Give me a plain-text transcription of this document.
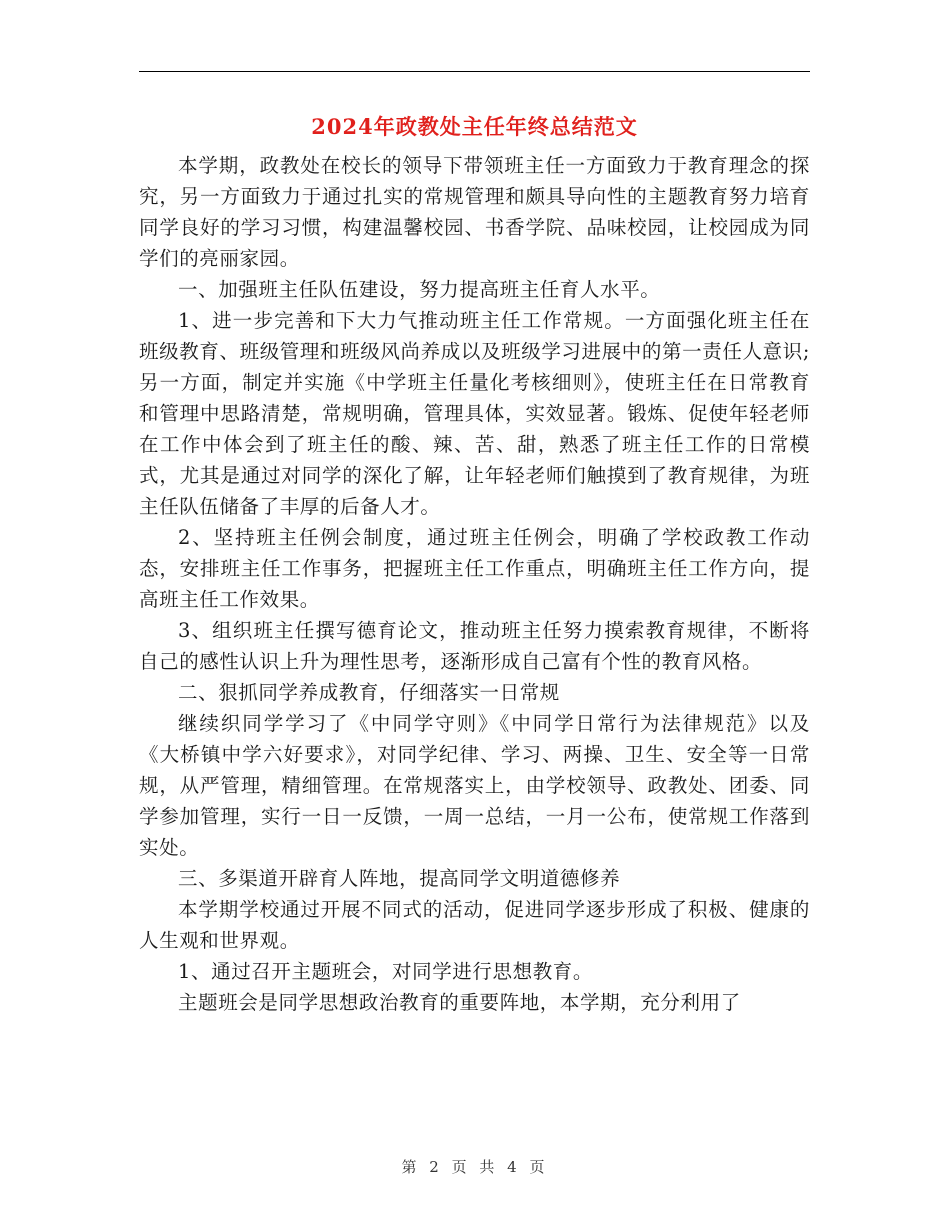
2024年政教处主任年终总结范文

本学期，政教处在校长的领导下带领班主任一方面致力于教育理念的探究，另一方面致力于通过扎实的常规管理和颇具导向性的主题教育努力培育同学良好的学习习惯，构建温馨校园、书香学院、品味校园，让校园成为同学们的亮丽家园。

一、加强班主任队伍建设，努力提高班主任育人水平。

1、进一步完善和下大力气推动班主任工作常规。一方面强化班主任在班级教育、班级管理和班级风尚养成以及班级学习进展中的第一责任人意识;另一方面，制定并实施《中学班主任量化考核细则》，使班主任在日常教育和管理中思路清楚，常规明确，管理具体，实效显著。锻炼、促使年轻老师在工作中体会到了班主任的酸、辣、苦、甜，熟悉了班主任工作的日常模式，尤其是通过对同学的深化了解，让年轻老师们触摸到了教育规律，为班主任队伍储备了丰厚的后备人才。

2、坚持班主任例会制度，通过班主任例会，明确了学校政教工作动态，安排班主任工作事务，把握班主任工作重点，明确班主任工作方向，提高班主任工作效果。

3、组织班主任撰写德育论文，推动班主任努力摸索教育规律，不断将自己的感性认识上升为理性思考，逐渐形成自己富有个性的教育风格。

二、狠抓同学养成教育，仔细落实一日常规

继续织同学学习了《中同学守则》《中同学日常行为法律规范》以及《大桥镇中学六好要求》，对同学纪律、学习、两操、卫生、安全等一日常规，从严管理，精细管理。在常规落实上，由学校领导、政教处、团委、同学参加管理，实行一日一反馈，一周一总结，一月一公布，使常规工作落到实处。

三、多渠道开辟育人阵地，提高同学文明道德修养

本学期学校通过开展不同式的活动，促进同学逐步形成了积极、健康的人生观和世界观。

1、通过召开主题班会，对同学进行思想教育。

主题班会是同学思想政治教育的重要阵地，本学期，充分利用了

第 2 页 共 4 页
